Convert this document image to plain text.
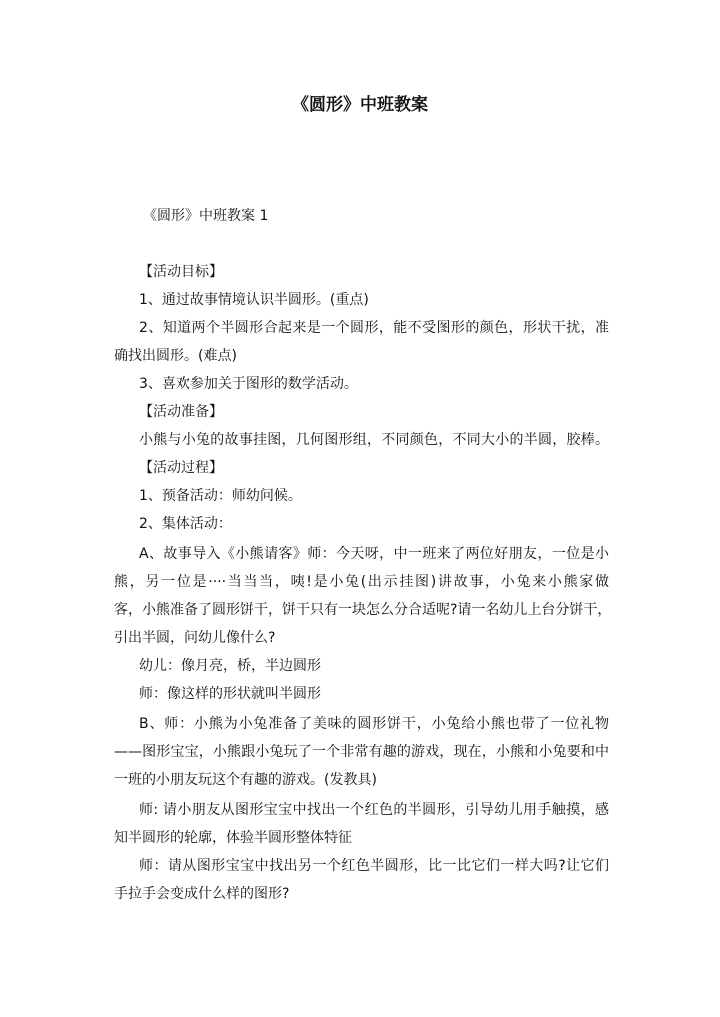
《圆形》中班教案
《圆形》中班教案 1
【活动目标】
1、通过故事情境认识半圆形。(重点)
2、知道两个半圆形合起来是一个圆形，能不受图形的颜色，形状干扰，准
确找出圆形。(难点)
3、喜欢参加关于图形的数学活动。
【活动准备】
小熊与小兔的故事挂图，几何图形组，不同颜色，不同大小的半圆，胶棒。
【活动过程】
1、预备活动：师幼问候。
2、集体活动：
A、故事导入《小熊请客》师：今天呀，中一班来了两位好朋友，一位是小
熊，另一位是····当当当，咦!是小兔(出示挂图)讲故事，小兔来小熊家做
客，小熊准备了圆形饼干，饼干只有一块怎么分合适呢?请一名幼儿上台分饼干，
引出半圆，问幼儿像什么?
幼儿：像月亮，桥，半边圆形
师：像这样的形状就叫半圆形
B、师：小熊为小兔准备了美味的圆形饼干，小兔给小熊也带了一位礼物
——图形宝宝，小熊跟小兔玩了一个非常有趣的游戏，现在，小熊和小兔要和中
一班的小朋友玩这个有趣的游戏。(发教具)
师: 请小朋友从图形宝宝中找出一个红色的半圆形，引导幼儿用手触摸，感
知半圆形的轮廓，体验半圆形整体特征
师：请从图形宝宝中找出另一个红色半圆形，比一比它们一样大吗?让它们
手拉手会变成什么样的图形?
